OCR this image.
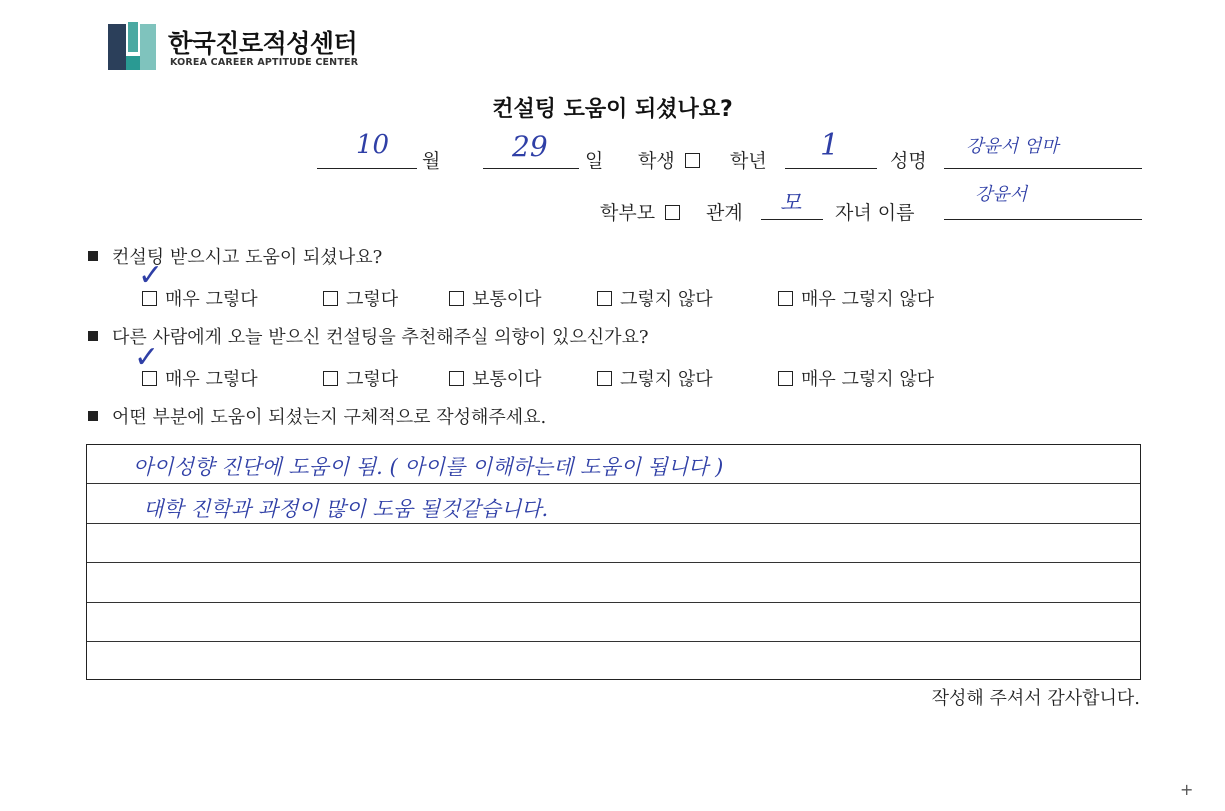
한국진로적성센터
KOREA CAREER APTITUDE CENTER
컨설팅 도움이 되셨나요?
10
월	29 일 학생	학년 1	성명
강윤서 엄마
학부모	관계 모 자녀 이름
강윤서
컨설팅 받으시고 도움이 되셨나요?
매우 그렇다	그렇다	보통이다	그렇지 않다	매우 그렇지 않다
✓
다른 사람에게 오늘 받으신 컨설팅을 추천해주실 의향이 있으신가요?
매우 그렇다	그렇다	보통이다	그렇지 않다	매우 그렇지 않다
✓
어떤 부분에 도움이 되셨는지 구체적으로 작성해주세요.
아이성향 진단에 도움이 됨. ( 아이를 이해하는데 도움이 됩니다 )
대학 진학과 과정이 많이 도움 될것같습니다.
작성해 주셔서 감사합니다.
+
